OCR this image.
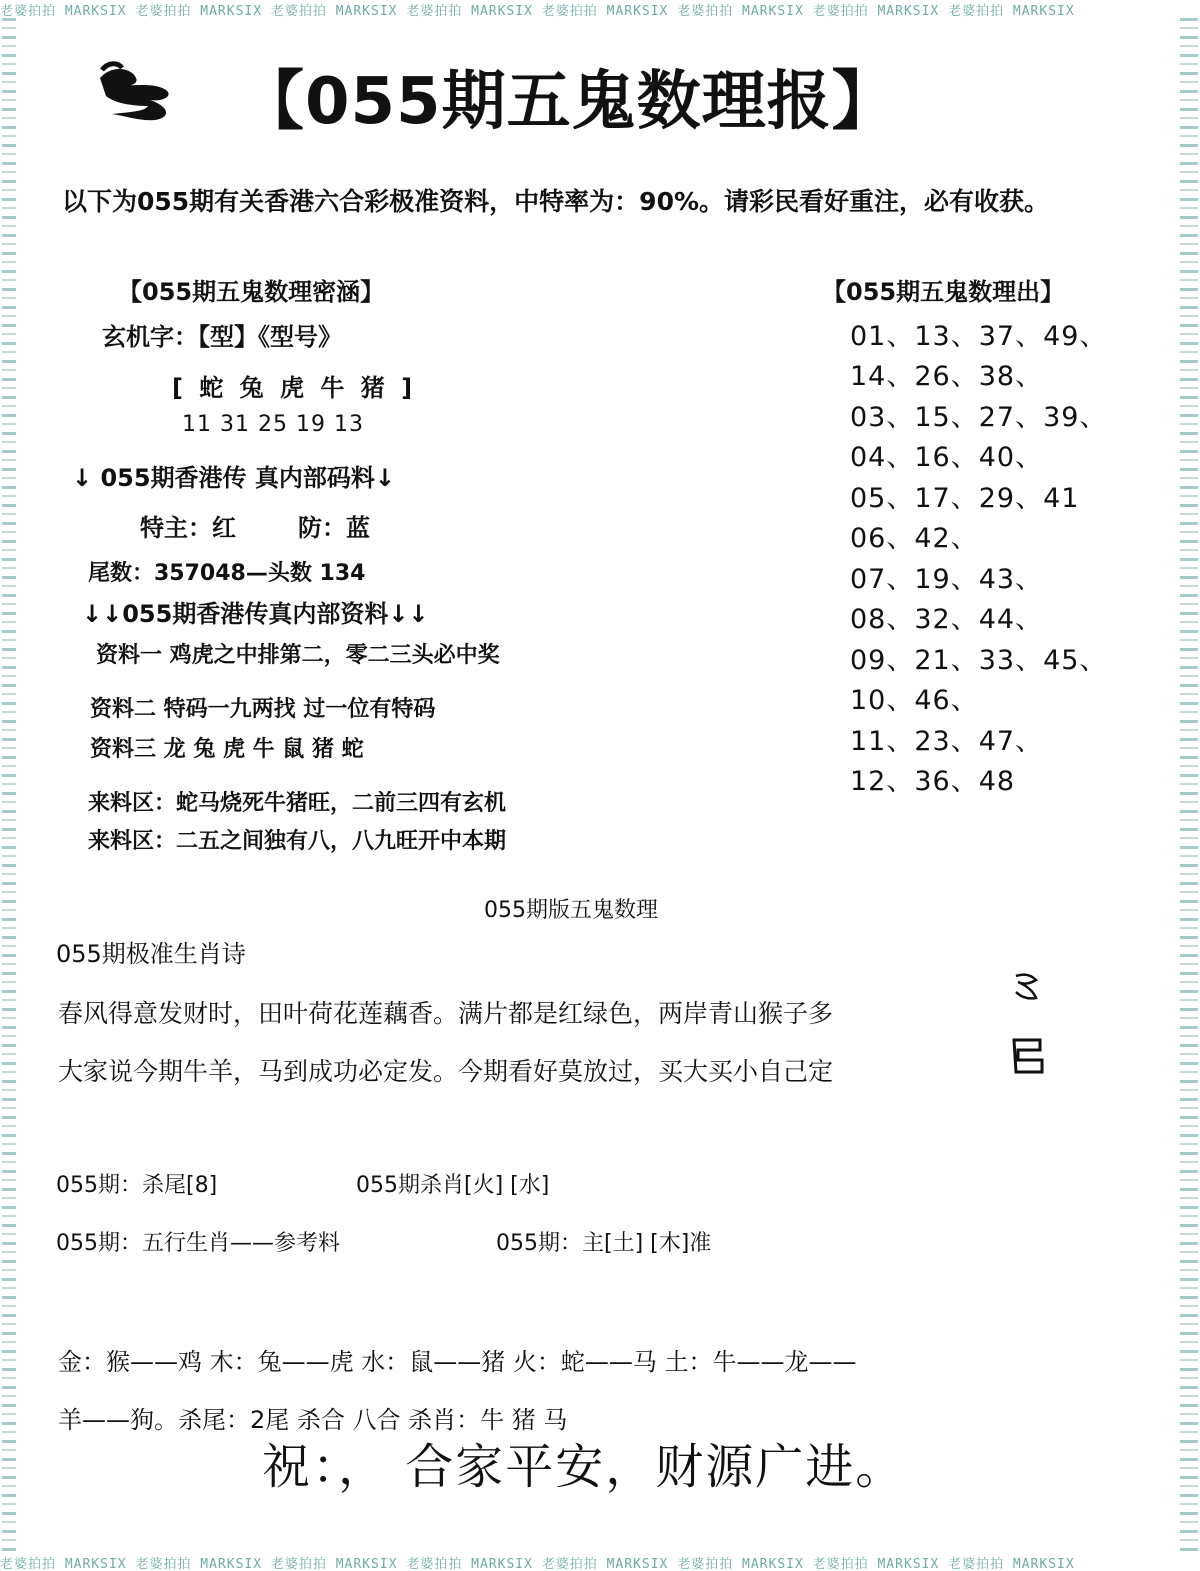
老婆拍拍 MARKSIX 老婆拍拍 MARKSIX 老婆拍拍 MARKSIX 老婆拍拍 MARKSIX 老婆拍拍 MARKSIX 老婆拍拍 MARKSIX 老婆拍拍 MARKSIX 老婆拍拍 MARKSIX
老婆拍拍 MARKSIX 老婆拍拍 MARKSIX 老婆拍拍 MARKSIX 老婆拍拍 MARKSIX 老婆拍拍 MARKSIX 老婆拍拍 MARKSIX 老婆拍拍 MARKSIX 老婆拍拍 MARKSIX
【055期五鬼数理报】
以下为055期有关香港六合彩极准资料，中特率为：90%。请彩民看好重注，必有收获。
【055期五鬼数理密涵】
玄机字：【型】《型号》
[ 蛇 兔 虎 牛 猪 ]
11 31 25 19 13
↓ 055期香港传 真内部码料↓
特主：红	防：蓝
尾数：357048—头数 134
↓↓055期香港传真内部资料↓↓
资料一 鸡虎之中排第二，零二三头必中奖
资料二 特码一九两找 过一位有特码
资料三 龙 兔 虎 牛 鼠 猪 蛇
来料区：蛇马烧死牛猪旺，二前三四有玄机
来料区：二五之间独有八，八九旺开中本期
【055期五鬼数理出】
01、13、37、49、
14、26、38、
03、15、27、39、
04、16、40、
05、17、29、41
06、42、
07、19、43、
08、32、44、
09、21、33、45、
10、46、
11、23、47、
12、36、48
055期版五鬼数理
055期极准生肖诗
春风得意发财时，田叶荷花莲藕香。满片都是红绿色，两岸青山猴子多
大家说今期牛羊，马到成功必定发。今期看好莫放过，买大买小自己定
055期：杀尾[8]	055期杀肖[火] [水]
055期：五行生肖——参考料	055期：主[土] [木]准
金：猴——鸡 木：兔——虎 水：鼠——猪 火：蛇——马 土：牛——龙——
羊——狗。杀尾：2尾 杀合 八合 杀肖：牛 猪 马
祝：， 合家平安，财源广进。
